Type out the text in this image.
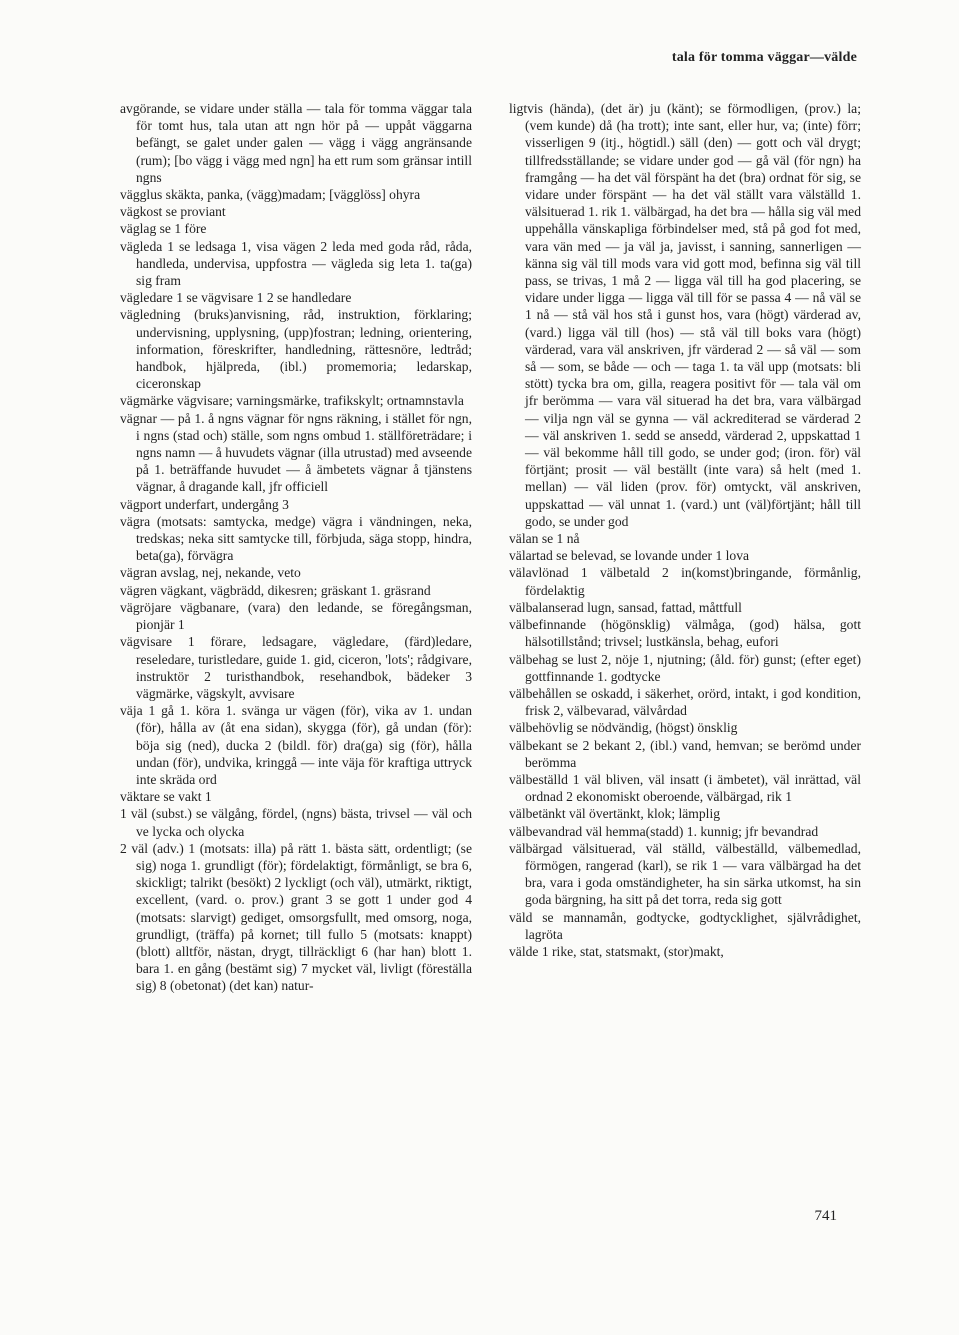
tala för tomma väggar—välde

avgörande, se vidare under ställa — tala för tomma väggar tala för tomt hus, tala utan att ngn hör på — uppåt väggarna befängt, se galet under galen — vägg i vägg angränsande (rum); [bo vägg i vägg med ngn] ha ett rum som gränsar intill ngns

vägglus skäkta, panka, (vägg)madam; [vägglöss] ohyra

vägkost se proviant

väglag se 1 före

vägleda 1 se ledsaga 1, visa vägen 2 leda med goda råd, råda, handleda, undervisa, uppfostra — vägleda sig leta 1. ta(ga) sig fram

vägledare 1 se vägvisare 1 2 se handledare

vägledning (bruks)anvisning, råd, instruktion, förklaring; undervisning, upplysning, (upp)fostran; ledning, orientering, information, föreskrifter, handledning, rättesnöre, ledtråd; handbok, hjälpreda, (ibl.) promemoria; ledarskap, ciceronskap

vägmärke vägvisare; varningsmärke, trafikskylt; ortnamnstavla

vägnar — på 1. å ngns vägnar för ngns räkning, i stället för ngn, i ngns (stad och) ställe, som ngns ombud 1. ställföreträdare; i ngns namn — å huvudets vägnar (illa utrustad) med avseende på 1. beträffande huvudet — å ämbetets vägnar å tjänstens vägnar, å dragande kall, jfr officiell

vägport underfart, undergång 3

vägra (motsats: samtycka, medge) vägra i vändningen, neka, tredskas; neka sitt samtycke till, förbjuda, säga stopp, hindra, beta(ga), förvägra

vägran avslag, nej, nekande, veto

vägren vägkant, vägbrädd, dikesren; gräskant 1. gräsrand

vägröjare vägbanare, (vara) den ledande, se föregångsman, pionjär 1

vägvisare 1 förare, ledsagare, vägledare, (färd)ledare, reseledare, turistledare, guide 1. gid, ciceron, 'lots'; rådgivare, instruktör 2 turisthandbok, resehandbok, bädeker 3 vägmärke, vägskylt, avvisare

väja 1 gå 1. köra 1. svänga ur vägen (för), vika av 1. undan (för), hålla av (åt ena sidan), skygga (för), gå undan (för): böja sig (ned), ducka 2 (bildl. för) dra(ga) sig (för), hålla undan (för), undvika, kringgå — inte väja för kraftiga uttryck inte skräda ord

väktare se vakt 1

1 väl (subst.) se välgång, fördel, (ngns) bästa, trivsel — väl och ve lycka och olycka

2 väl (adv.) 1 (motsats: illa) på rätt 1. bästa sätt, ordentligt; (se sig) noga 1. grundligt (för); fördelaktigt, förmånligt, se bra 6, skickligt; talrikt (besökt) 2 lyckligt (och väl), utmärkt, riktigt, excellent, (vard. o. prov.) grant 3 se gott 1 under god 4 (motsats: slarvigt) gediget, omsorgsfullt, med omsorg, noga, grundligt, (träffa) på kornet; till fullo 5 (motsats: knappt) (blott) alltför, nästan, drygt, tillräckligt 6 (har han) blott 1. bara 1. en gång (bestämt sig) 7 mycket väl, livligt (föreställa sig) 8 (obetonat) (det kan) natur-

ligtvis (hända), (det är) ju (känt); se förmodligen, (prov.) la; (vem kunde) då (ha trott); inte sant, eller hur, va; (inte) förr; visserligen 9 (itj., högtidl.) säll (den) — gott och väl drygt; tillfredsställande; se vidare under god — gå väl (för ngn) ha framgång — ha det väl förspänt ha det (bra) ordnat för sig, se vidare under förspänt — ha det väl ställt vara välställd 1. välsituerad 1. rik 1. välbärgad, ha det bra — hålla sig väl med uppehålla vänskapliga förbindelser med, stå på god fot med, vara vän med — ja väl ja, javisst, i sanning, sannerligen — känna sig väl till mods vara vid gott mod, befinna sig väl till pass, se trivas, 1 må 2 — ligga väl till ha god placering, se vidare under ligga — ligga väl till för se passa 4 — nå väl se 1 nå — stå väl hos stå i gunst hos, vara (högt) värderad av, (vard.) ligga väl till (hos) — stå väl till boks vara (högt) värderad, vara väl anskriven, jfr värderad 2 — så väl — som så — som, se både — och — taga 1. ta väl upp (motsats: bli stött) tycka bra om, gilla, reagera positivt för — tala väl om jfr berömma — vara väl situerad ha det bra, vara välbärgad — vilja ngn väl se gynna — väl ackrediterad se värderad 2 — väl anskriven 1. sedd se ansedd, värderad 2, uppskattad 1 — väl bekomme håll till godo, se under god; (iron. för) väl förtjänt; prosit — väl beställt (inte vara) så helt (med 1. mellan) — väl liden (prov. för) omtyckt, väl anskriven, uppskattad — väl unnat 1. (vard.) unt (väl)förtjänt; håll till godo, se under god

välan se 1 nå

välartad se belevad, se lovande under 1 lova

välavlönad 1 välbetald 2 in(komst)bringande, förmånlig, fördelaktig

välbalanserad lugn, sansad, fattad, måttfull

välbefinnande (högönsklig) välmåga, (god) hälsa, gott hälsotillstånd; trivsel; lustkänsla, behag, eufori

välbehag se lust 2, nöje 1, njutning; (åld. för) gunst; (efter eget) gottfinnande 1. godtycke

välbehållen se oskadd, i säkerhet, orörd, intakt, i god kondition, frisk 2, välbevarad, välvårdad

välbehövlig se nödvändig, (högst) önsklig

välbekant se 2 bekant 2, (ibl.) vand, hemvan; se berömd under berömma

välbeställd 1 väl bliven, väl insatt (i ämbetet), väl inrättad, väl ordnad 2 ekonomiskt oberoende, välbärgad, rik 1

välbetänkt väl övertänkt, klok; lämplig

välbevandrad väl hemma(stadd) 1. kunnig; jfr bevandrad

välbärgad välsituerad, väl ställd, välbeställd, välbemedlad, förmögen, rangerad (karl), se rik 1 — vara välbärgad ha det bra, vara i goda omständigheter, ha sin särka utkomst, ha sin goda bärgning, ha sitt på det torra, reda sig gott

väld se mannamån, godtycke, godtycklighet, självrådighet, lagröta

välde 1 rike, stat, statsmakt, (stor)makt,

741
